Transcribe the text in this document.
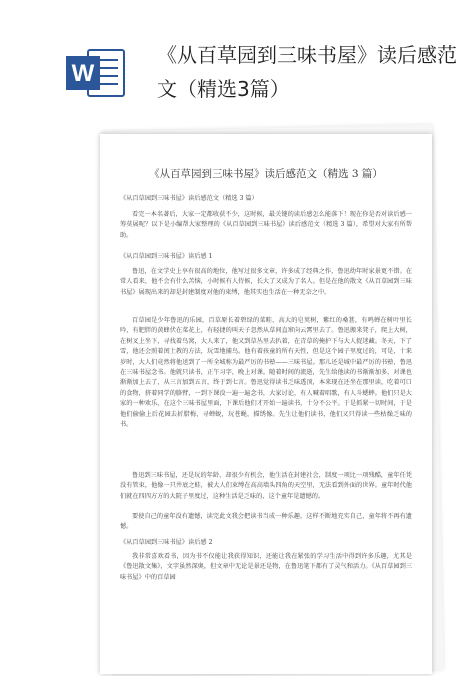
W
《从百草园到三味书屋》读后感范文（精选3篇）
《从百草园到三味书屋》读后感范文（精选 3 篇）

《从百草园到三味书屋》读后感范文（精选 3 篇）

看完一本名著后，大家一定都收获不少，这时候，最关键的读后感怎么能落下！现在你是否对读后感一筹莫展呢？以下是小编帮大家整理的《从百草园到三味书屋》读后感范文（精选 3 篇），希望对大家有所帮助。

《从百草园到三味书屋》读后感 1

鲁迅，在文学史上享有很高的地位，他写过很多文章，许多成了经典之作，鲁迅幼年时家景更不错。在常人看来，他不会有什么苦恼，小时候有人侍候，长大了又成为了名人。但是在他的散文《从百草园到三味书屋》展现出来的却是封建制度对他的束缚，他其实也生活在一种无奈之中。

百草园是少年鲁迅的乐园，百草原长着碧绿的菜畦，高大的皂荚树，紫红的桑葚，有鸣蝉在树叶里长吟，有肥胖的黄蜂伏在菜花上，有轻捷的叫天子忽然从草间直窜向云霄里去了。鲁迅搬来凳子，爬上大树，在树叉上坐下，寻找着鸟窝，大人来了，他又到草丛里去扒着，在青草的掩护下与大人捉迷藏。冬天，下了雪，他还会照着闰土教的方法，玩雪地捕鸟。他有着孩童的所有天性，但是这个园子里度过的，可是，十来岁时，大人们竟然将他送到了一所全城称为最严厉的书塾——三味书屋。那儿还是城中最严厉的书塾，鲁迅在三味书屋念书。他就只读书，正午习字，晚上对课。随着时间的流逝，先生给他读的书渐渐加多，对课也渐渐加上去了，从三言加到五言，终于到七言。鲁迅觉得读书乏味透顶，本来现在还坐在那里读，吃着可口的食物，挤着同学的胳臂，一到下课没一遍一遍念书，大家讨论，有人喊着唱歌，有人斗蟋蟀。他们只是大家的一种欢乐，在这个三味书屋里面，下课后他们才开始一遍读书，十分不公平。于是抓紧一切时间，于是他们偷偷上后花园去折腊梅，寻蝉蜕，玩苍蝇，描绣像。先生让他们读书，他们又只得读一些枯燥乏味的书。

鲁迅到三味书屋，还是玩的年龄，却很少有机会，他生活在封建社会，制度一项比一项残酷，童年任凭没有管束，他像一只井底之蛙，被大人们束缚在高高墙头四角的天空里，无法看到外面的世界。童年时代他们就在四四方方的大院子里度过，这种生活是乏味的，这个童年是遗憾的。

要使自己的童年没有遗憾，读完此文我会把读书当成一种乐趣，这样不断地充实自己，童年将不再有遗憾。

《从百草园到三味书屋》读后感 2

我非常喜欢看书，因为书不仅能让我获得知识，还能让我在紧张的学习生活中得到许多乐趣，尤其是《鲁迅散文集》，文字虽然深奥，但文章中无论是景还是物，在鲁迅笔下都有了灵气和活力。《从百草园到三味书屋》中的百草园
